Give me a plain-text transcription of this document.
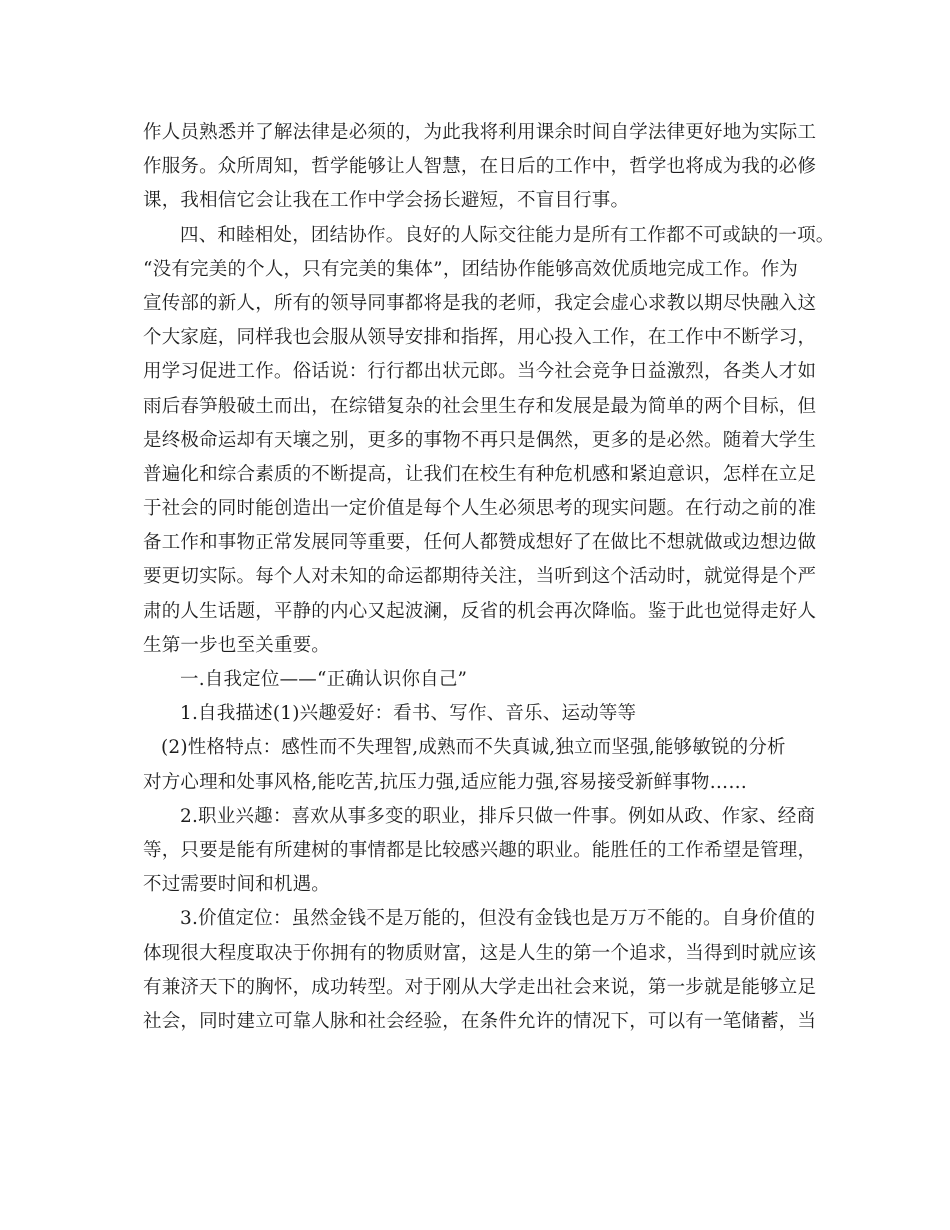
作人员熟悉并了解法律是必须的，为此我将利用课余时间自学法律更好地为实际工
作服务。众所周知，哲学能够让人智慧，在日后的工作中，哲学也将成为我的必修
课，我相信它会让我在工作中学会扬长避短，不盲目行事。
四、和睦相处，团结协作。良好的人际交往能力是所有工作都不可或缺的一项。
“没有完美的个人，只有完美的集体”，团结协作能够高效优质地完成工作。作为
宣传部的新人，所有的领导同事都将是我的老师，我定会虚心求教以期尽快融入这
个大家庭，同样我也会服从领导安排和指挥，用心投入工作，在工作中不断学习，
用学习促进工作。俗话说：行行都出状元郎。当今社会竞争日益激烈，各类人才如
雨后春笋般破土而出，在综错复杂的社会里生存和发展是最为简单的两个目标，但
是终极命运却有天壤之别，更多的事物不再只是偶然，更多的是必然。随着大学生
普遍化和综合素质的不断提高，让我们在校生有种危机感和紧迫意识，怎样在立足
于社会的同时能创造出一定价值是每个人生必须思考的现实问题。在行动之前的准
备工作和事物正常发展同等重要，任何人都赞成想好了在做比不想就做或边想边做
要更切实际。每个人对未知的命运都期待关注，当听到这个活动时，就觉得是个严
肃的人生话题，平静的内心又起波澜，反省的机会再次降临。鉴于此也觉得走好人
生第一步也至关重要。
一.自我定位——“正确认识你自己”
1.自我描述(1)兴趣爱好：看书、写作、音乐、运动等等
(2)性格特点：感性而不失理智,成熟而不失真诚,独立而坚强,能够敏锐的分析
对方心理和处事风格,能吃苦,抗压力强,适应能力强,容易接受新鲜事物……
2.职业兴趣：喜欢从事多变的职业，排斥只做一件事。例如从政、作家、经商
等，只要是能有所建树的事情都是比较感兴趣的职业。能胜任的工作希望是管理，
不过需要时间和机遇。
3.价值定位：虽然金钱不是万能的，但没有金钱也是万万不能的。自身价值的
体现很大程度取决于你拥有的物质财富，这是人生的第一个追求，当得到时就应该
有兼济天下的胸怀，成功转型。对于刚从大学走出社会来说，第一步就是能够立足
社会，同时建立可靠人脉和社会经验，在条件允许的情况下，可以有一笔储蓄，当
